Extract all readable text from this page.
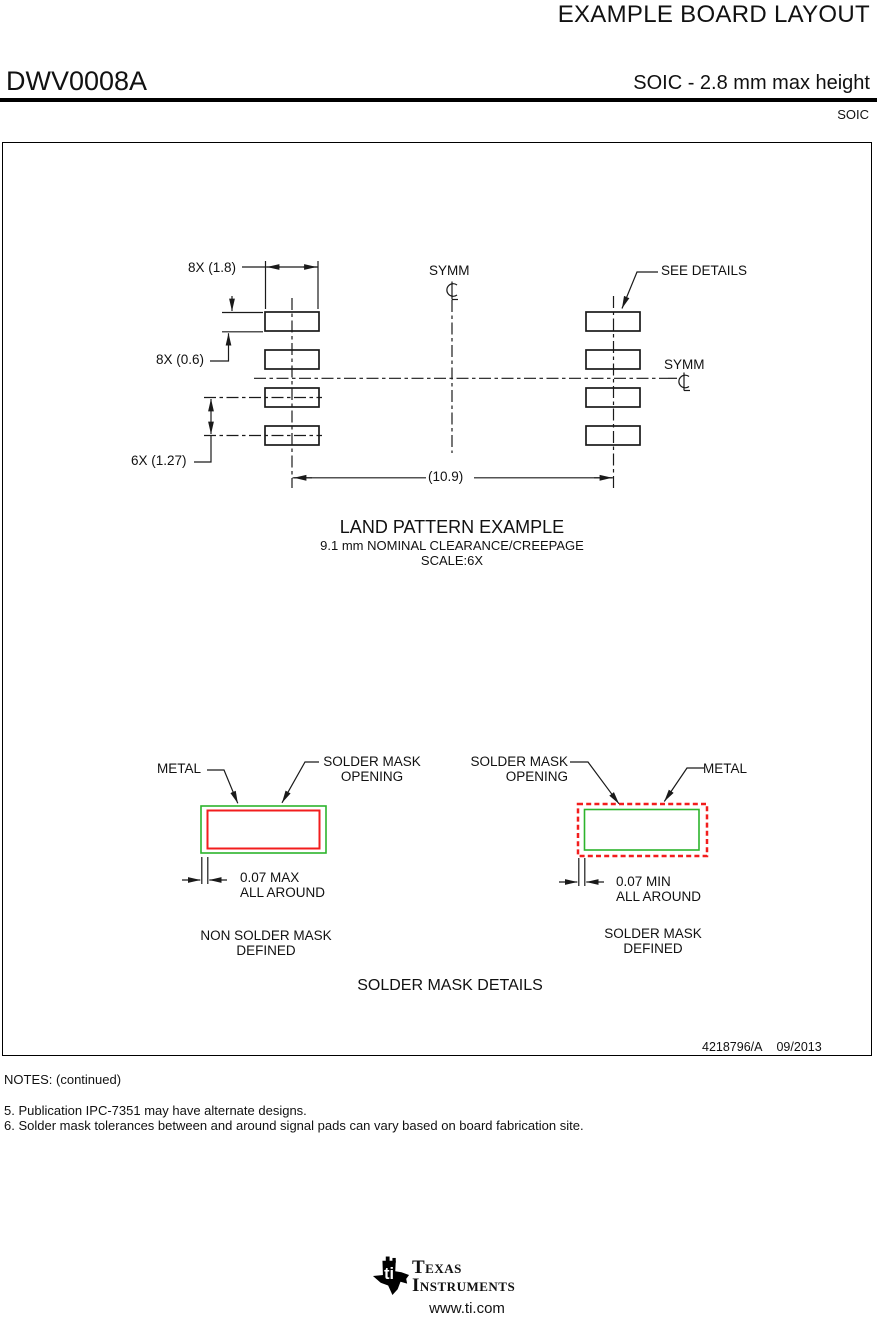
EXAMPLE BOARD LAYOUT
DWV0008A	SOIC - 2.8 mm max height
SOIC
8X (1.8)
8X (0.6)
6X (1.27)
(10.9)
SYMM	SEE DETAILS
SYMM
LAND PATTERN EXAMPLE
9.1 mm NOMINAL CLEARANCE/CREEPAGE
SCALE:6X
METAL	SOLDER MASK
OPENING
0.07 MAX
ALL AROUND
NON SOLDER MASK
DEFINED
SOLDER MASK
OPENING
METAL
0.07 MIN
ALL AROUND
SOLDER MASK
DEFINED
SOLDER MASK DETAILS
4218796/A 09/2013
NOTES: (continued)
5. Publication IPC-7351 may have alternate designs.
6. Solder mask tolerances between and around signal pads can vary based on board fabrication site.
ti Texas
Instruments
www.ti.com
